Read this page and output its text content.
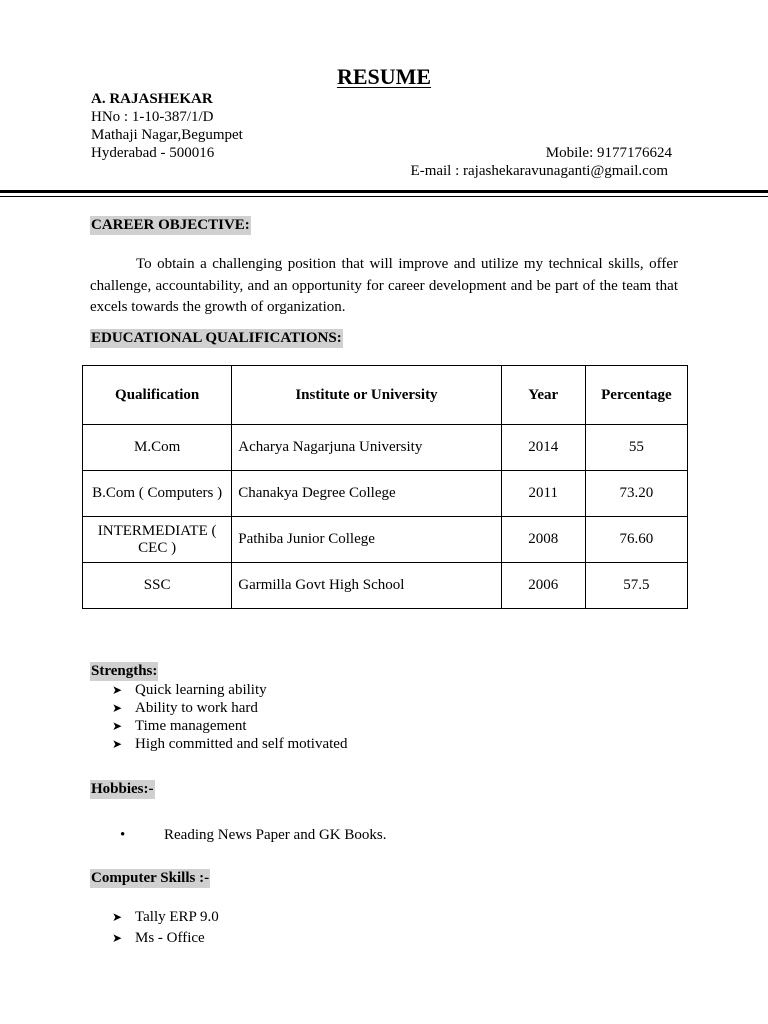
RESUME
A. RAJASHEKAR
HNo : 1-10-387/1/D
Mathaji Nagar,Begumpet
Hyderabad - 500016	Mobile: 9177176624
E-mail : rajashekaravunaganti@gmail.com
CAREER OBJECTIVE:
To obtain a challenging position that will improve and utilize my technical skills, offer challenge, accountability, and an opportunity for career development and be part of the team that excels towards the growth of organization.
EDUCATIONAL QUALIFICATIONS:
Qualification	Institute or University	Year	Percentage
M.Com	Acharya Nagarjuna University	2014	55
B.Com ( Computers )	Chanakya Degree College	2011	73.20
INTERMEDIATE ( CEC )	Pathiba Junior College	2008	76.60
SSC	Garmilla Govt High School	2006	57.5
Strengths:
➤ Quick learning ability
➤ Ability to work hard
➤ Time management
➤ High committed and self motivated
Hobbies:-
•	Reading News Paper and GK Books.
Computer Skills :-
➤ Tally ERP 9.0
➤ Ms - Office
